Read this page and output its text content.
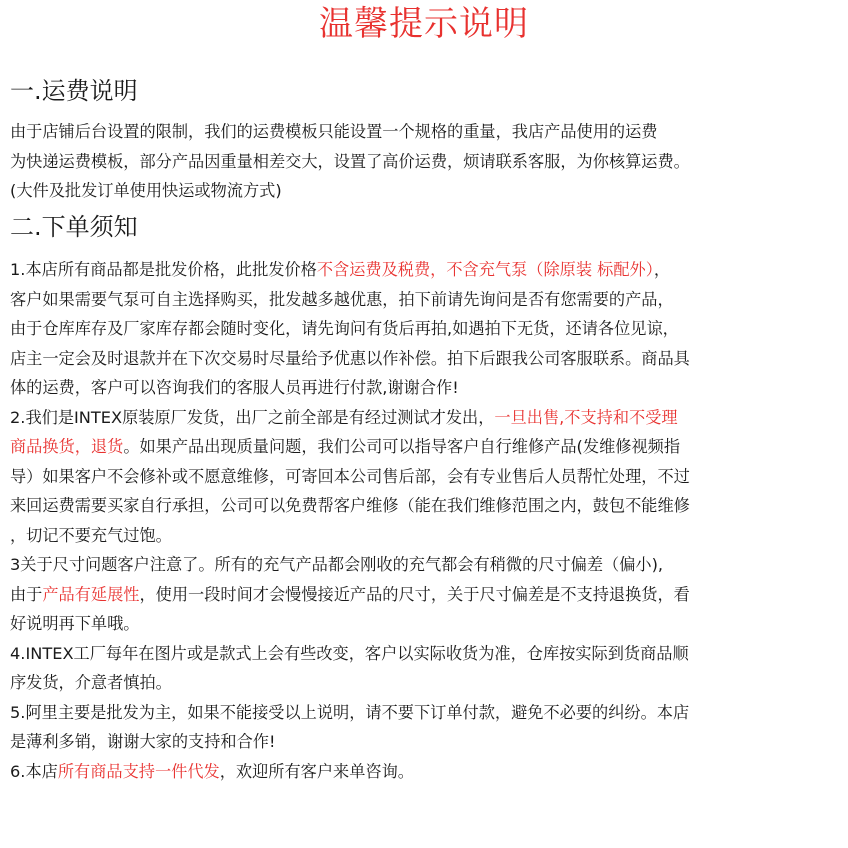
温馨提示说明
一.运费说明
由于店铺后台设置的限制，我们的运费模板只能设置一个规格的重量，我店产品使用的运费
为快递运费模板，部分产品因重量相差交大，设置了高价运费，烦请联系客服，为你核算运费。
(大件及批发订单使用快运或物流方式)
二.下单须知
1.本店所有商品都是批发价格，此批发价格不含运费及税费，不含充气泵（除原装 标配外），
客户如果需要气泵可自主选择购买，批发越多越优惠，拍下前请先询问是否有您需要的产品，
由于仓库库存及厂家库存都会随时变化，请先询问有货后再拍,如遇拍下无货，还请各位见谅，
店主一定会及时退款并在下次交易时尽量给予优惠以作补偿。拍下后跟我公司客服联系。商品具
体的运费，客户可以咨询我们的客服人员再进行付款,谢谢合作!
2.我们是INTEX原装原厂发货，出厂之前全部是有经过测试才发出，一旦出售,不支持和不受理
商品换货，退货。如果产品出现质量问题，我们公司可以指导客户自行维修产品(发维修视频指
导）如果客户不会修补或不愿意维修，可寄回本公司售后部，会有专业售后人员帮忙处理，不过
来回运费需要买家自行承担，公司可以免费帮客户维修（能在我们维修范围之内，鼓包不能维修
，切记不要充气过饱。
3关于尺寸问题客户注意了。所有的充气产品都会刚收的充气都会有稍微的尺寸偏差（偏小),
由于产品有延展性，使用一段时间才会慢慢接近产品的尺寸，关于尺寸偏差是不支持退换货，看
好说明再下单哦。
4.INTEX工厂每年在图片或是款式上会有些改变，客户以实际收货为准，仓库按实际到货商品顺
序发货，介意者慎拍。
5.阿里主要是批发为主，如果不能接受以上说明，请不要下订单付款，避免不必要的纠纷。本店
是薄利多销，谢谢大家的支持和合作!
6.本店所有商品支持一件代发，欢迎所有客户来单咨询。
